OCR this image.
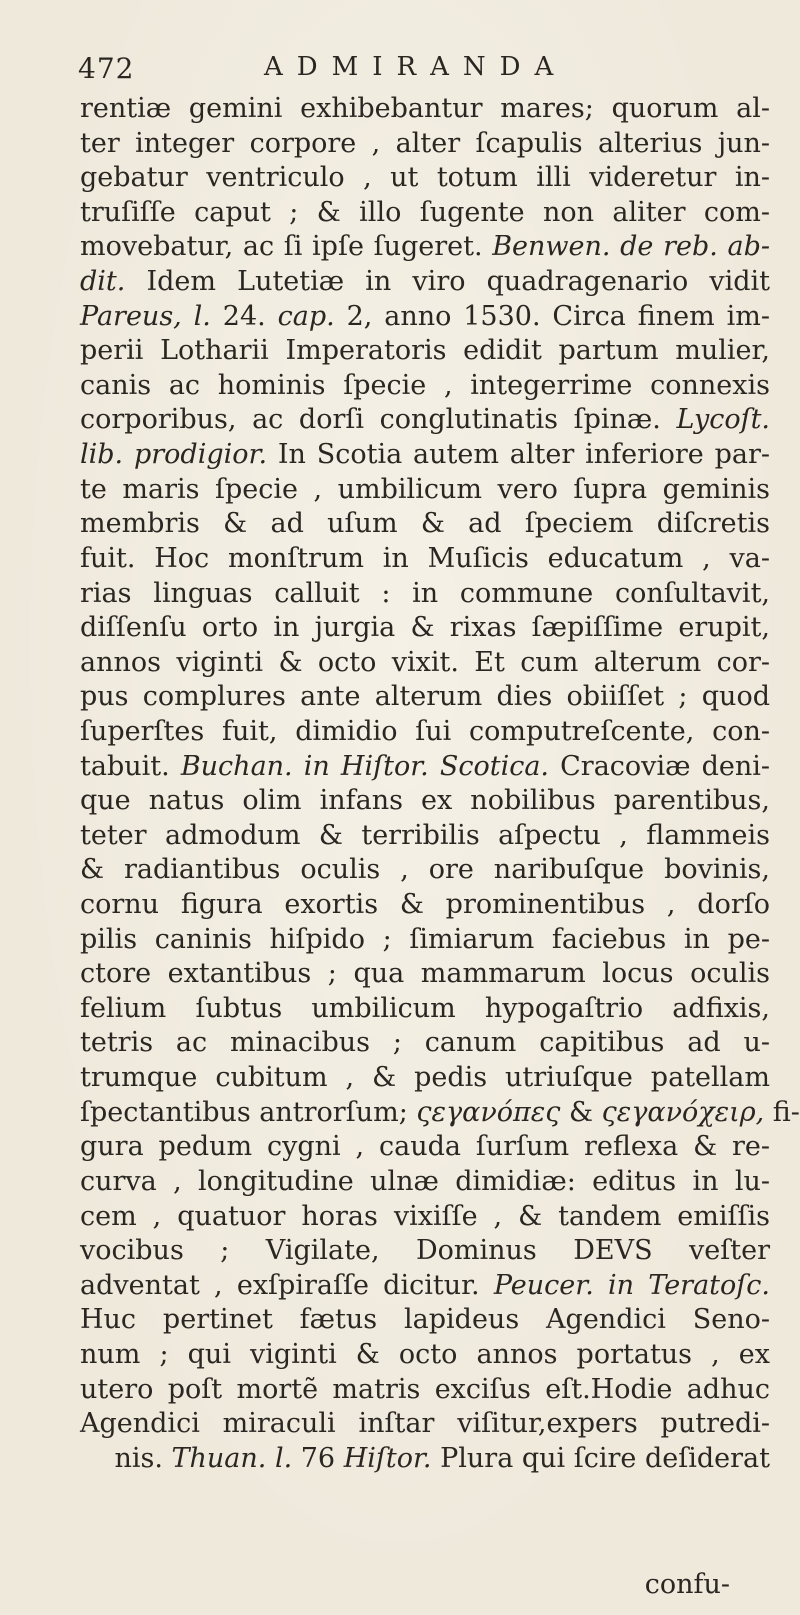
472	ADMIRANDA
rentiæ gemini exhibebantur mares; quorum al-
ter integer corpore , alter ſcapulis alterius jun-
gebatur ventriculo , ut totum illi videretur in-
truſiſſe caput ; & illo ſugente non aliter com-
movebatur, ac ſi ipſe ſugeret. Benwen. de reb. ab-
dit. Idem Lutetiæ in viro quadragenario vidit
Pareus, l. 24. cap. 2, anno 1530. Circa finem im-
perii Lotharii Imperatoris edidit partum mulier,
canis ac hominis ſpecie , integerrime connexis
corporibus, ac dorſi conglutinatis ſpinæ. Lycoſt.
lib. prodigior. In Scotia autem alter inferiore par-
te maris ſpecie , umbilicum vero ſupra geminis
membris & ad uſum & ad ſpeciem diſcretis
fuit. Hoc monſtrum in Muſicis educatum , va-
rias linguas calluit : in commune conſultavit,
diſſenſu orto in jurgia & rixas ſæpiſſime erupit,
annos viginti & octo vixit. Et cum alterum cor-
pus complures ante alterum dies obiiſſet ; quod
ſuperſtes fuit, dimidio ſui computreſcente, con-
tabuit. Buchan. in Hiſtor. Scotica. Cracoviæ deni-
que natus olim infans ex nobilibus parentibus,
teter admodum & terribilis aſpectu , flammeis
& radiantibus oculis , ore naribuſque bovinis,
cornu figura exortis & prominentibus , dorſo
pilis caninis hiſpido ; ſimiarum faciebus in pe-
ctore extantibus ; qua mammarum locus oculis
felium ſubtus umbilicum hypogaſtrio adfixis,
tetris ac minacibus ; canum capitibus ad u-
trumque cubitum , & pedis utriuſque patellam
ſpectantibus antrorſum; ςεγανόπες & ςεγανόχειρ, fi-
gura pedum cygni , cauda ſurſum reflexa & re-
curva , longitudine ulnæ dimidiæ: editus in lu-
cem , quatuor horas vixiſſe , & tandem emiſſis
vocibus ; Vigilate, Dominus DEVS veſter
adventat , exſpiraſſe dicitur. Peucer. in Teratoſc.
Huc pertinet fætus lapideus Agendici Seno-
num ; qui viginti & octo annos portatus , ex
utero poſt mortẽ matris exciſus eſt.Hodie adhuc
Agendici miraculi inſtar viſitur,expers putredi-
nis. Thuan. l. 76 Hiſtor. Plura qui ſcire deſiderat
confu-
